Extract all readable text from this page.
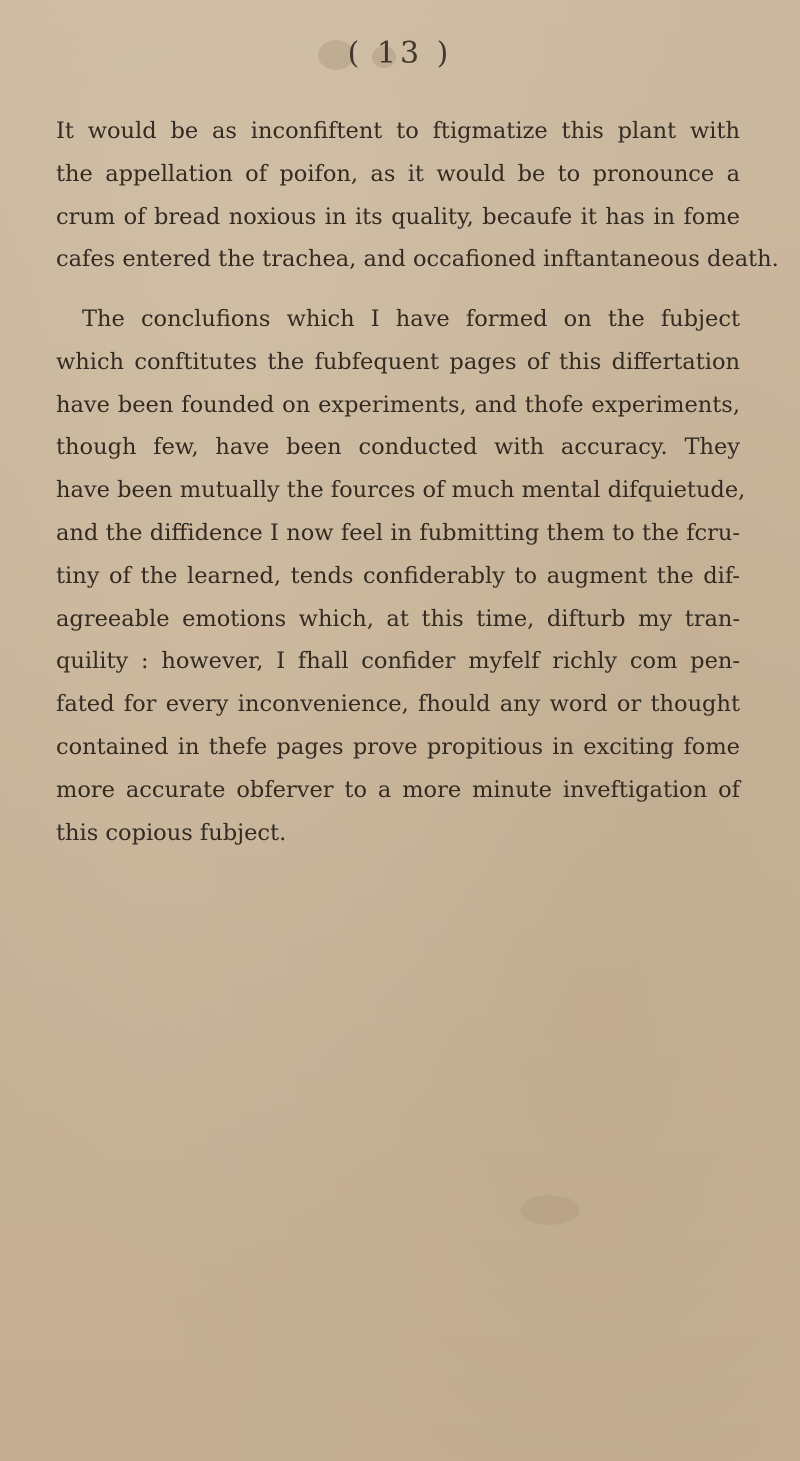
( 13 )
It would be as inconfiftent to ftigmatize this plant with
the appellation of poifon, as it would be to pronounce a
crum of bread noxious in its quality, becaufe it has in fome
cafes entered the trachea, and occafioned inftantaneous death.
The conclufions which I have formed on the fubject
which conftitutes the fubfequent pages of this differtation
have been founded on experiments, and thofe experiments,
though few, have been conducted with accuracy. They
have been mutually the fources of much mental difquietude,
and the diffidence I now feel in fubmitting them to the fcru-
tiny of the learned, tends confiderably to augment the dif-
agreeable emotions which, at this time, difturb my tran-
quility : however, I fhall confider myfelf richly com pen-
fated for every inconvenience, fhould any word or thought
contained in thefe pages prove propitious in exciting fome
more accurate obferver to a more minute inveftigation of
this copious fubject.
